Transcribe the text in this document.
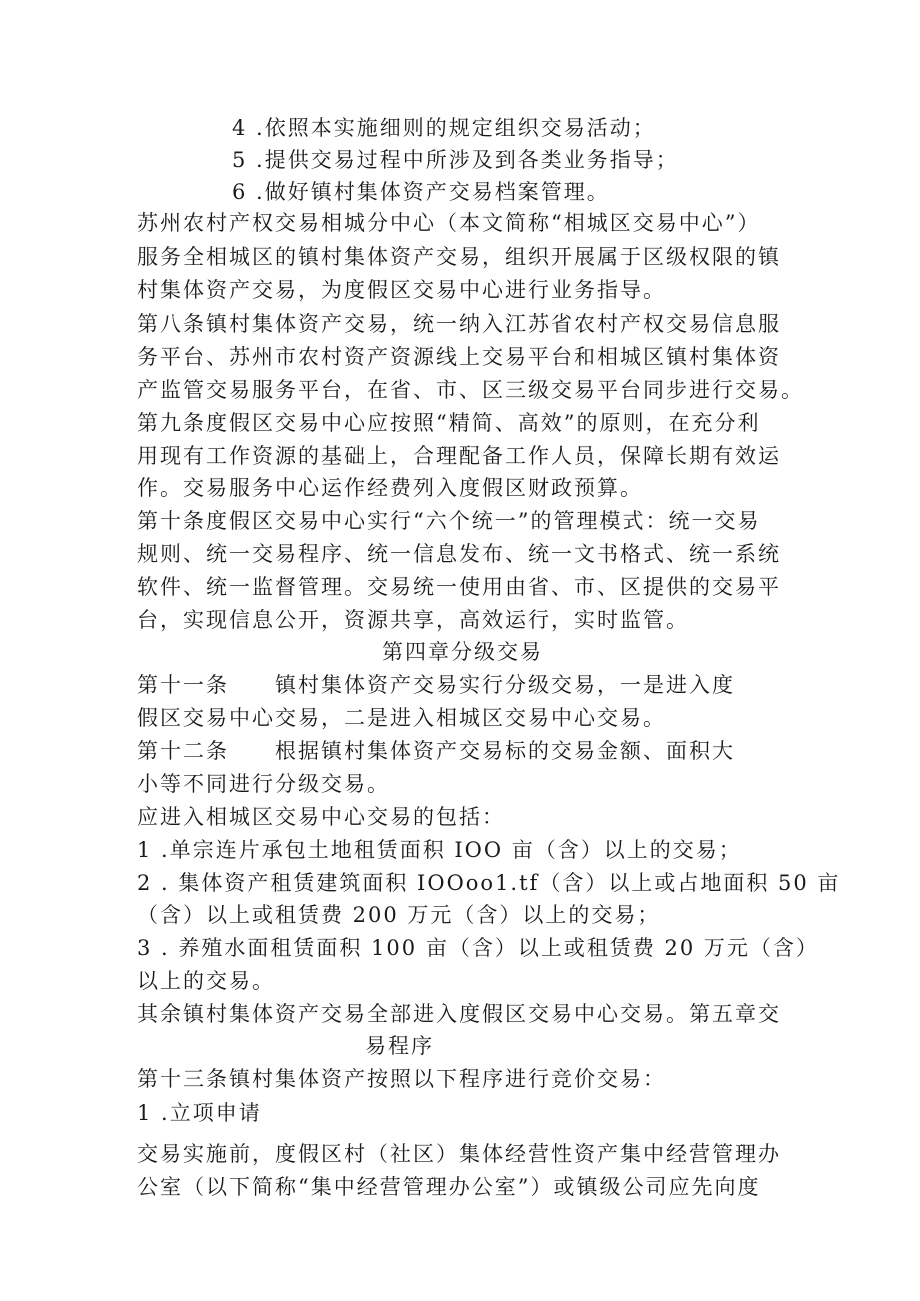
4 .依照本实施细则的规定组织交易活动；
5 .提供交易过程中所涉及到各类业务指导；
6 .做好镇村集体资产交易档案管理。
苏州农村产权交易相城分中心（本文简称“相城区交易中心”）
服务全相城区的镇村集体资产交易，组织开展属于区级权限的镇
村集体资产交易，为度假区交易中心进行业务指导。
第八条镇村集体资产交易，统一纳入江苏省农村产权交易信息服
务平台、苏州市农村资产资源线上交易平台和相城区镇村集体资
产监管交易服务平台，在省、市、区三级交易平台同步进行交易。
第九条度假区交易中心应按照“精简、高效”的原则，在充分利
用现有工作资源的基础上，合理配备工作人员，保障长期有效运
作。交易服务中心运作经费列入度假区财政预算。
第十条度假区交易中心实行“六个统一”的管理模式：统一交易
规则、统一交易程序、统一信息发布、统一文书格式、统一系统
软件、统一监督管理。交易统一使用由省、市、区提供的交易平
台，实现信息公开，资源共享，高效运行，实时监管。
第四章分级交易
第十一条　　镇村集体资产交易实行分级交易，一是进入度
假区交易中心交易，二是进入相城区交易中心交易。
第十二条　　根据镇村集体资产交易标的交易金额、面积大
小等不同进行分级交易。
应进入相城区交易中心交易的包括：
1 .单宗连片承包土地租赁面积 IOO 亩（含）以上的交易；
2 . 集体资产租赁建筑面积 IOOoo1.tf（含）以上或占地面积 50 亩
（含）以上或租赁费 200 万元（含）以上的交易；
3 . 养殖水面租赁面积 100 亩（含）以上或租赁费 20 万元（含）
以上的交易。
其余镇村集体资产交易全部进入度假区交易中心交易。第五章交
易程序
第十三条镇村集体资产按照以下程序进行竞价交易：
1 .立项申请
交易实施前，度假区村（社区）集体经营性资产集中经营管理办
公室（以下简称“集中经营管理办公室”）或镇级公司应先向度
